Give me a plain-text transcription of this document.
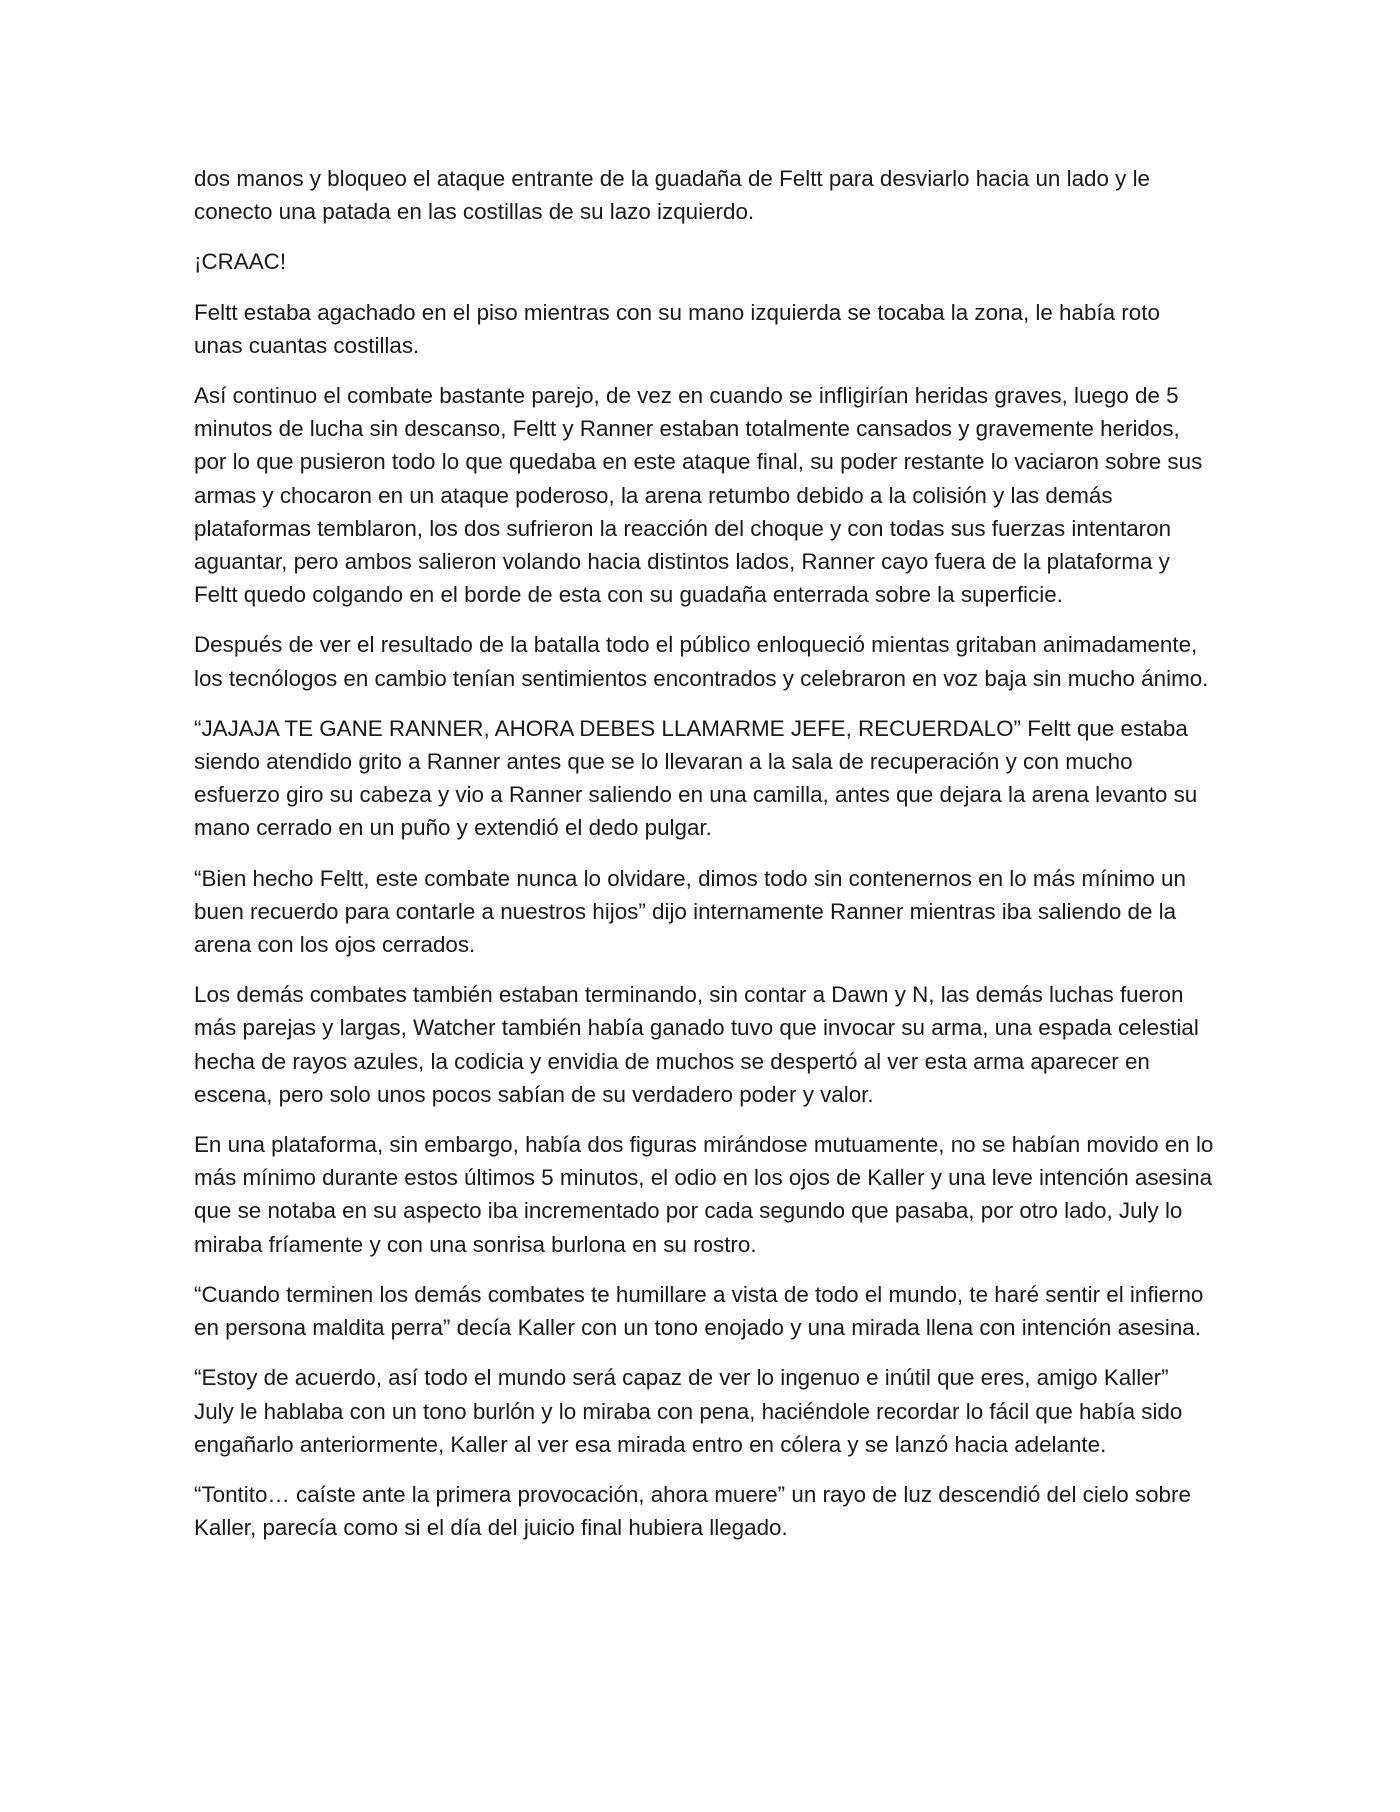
dos manos y bloqueo el ataque entrante de la guadaña de Feltt para desviarlo hacia un lado y le conecto una patada en las costillas de su lazo izquierdo.

¡CRAAC!

Feltt estaba agachado en el piso mientras con su mano izquierda se tocaba la zona, le había roto unas cuantas costillas.

Así continuo el combate bastante parejo, de vez en cuando se infligirían heridas graves, luego de 5 minutos de lucha sin descanso, Feltt y Ranner estaban totalmente cansados y gravemente heridos, por lo que pusieron todo lo que quedaba en este ataque final, su poder restante lo vaciaron sobre sus armas y chocaron en un ataque poderoso, la arena retumbo debido a la colisión y las demás plataformas temblaron, los dos sufrieron la reacción del choque y con todas sus fuerzas intentaron aguantar, pero ambos salieron volando hacia distintos lados, Ranner cayo fuera de la plataforma y Feltt quedo colgando en el borde de esta con su guadaña enterrada sobre la superficie.

Después de ver el resultado de la batalla todo el público enloqueció mientas gritaban animadamente, los tecnólogos en cambio tenían sentimientos encontrados y celebraron en voz baja sin mucho ánimo.

“JAJAJA TE GANE RANNER, AHORA DEBES LLAMARME JEFE, RECUERDALO” Feltt que estaba siendo atendido grito a Ranner antes que se lo llevaran a la sala de recuperación y con mucho esfuerzo giro su cabeza y vio a Ranner saliendo en una camilla, antes que dejara la arena levanto su mano cerrado en un puño y extendió el dedo pulgar.

“Bien hecho Feltt, este combate nunca lo olvidare, dimos todo sin contenernos en lo más mínimo un buen recuerdo para contarle a nuestros hijos” dijo internamente Ranner mientras iba saliendo de la arena con los ojos cerrados.

Los demás combates también estaban terminando, sin contar a Dawn y N, las demás luchas fueron más parejas y largas, Watcher también había ganado tuvo que invocar su arma, una espada celestial hecha de rayos azules, la codicia y envidia de muchos se despertó al ver esta arma aparecer en escena, pero solo unos pocos sabían de su verdadero poder y valor.

En una plataforma, sin embargo, había dos figuras mirándose mutuamente, no se habían movido en lo más mínimo durante estos últimos 5 minutos, el odio en los ojos de Kaller y una leve intención asesina que se notaba en su aspecto iba incrementado por cada segundo que pasaba, por otro lado, July lo miraba fríamente y con una sonrisa burlona en su rostro.

“Cuando terminen los demás combates te humillare a vista de todo el mundo, te haré sentir el infierno en persona maldita perra” decía Kaller con un tono enojado y una mirada llena con intención asesina.

“Estoy de acuerdo, así todo el mundo será capaz de ver lo ingenuo e inútil que eres, amigo Kaller” July le hablaba con un tono burlón y lo miraba con pena, haciéndole recordar lo fácil que había sido engañarlo anteriormente, Kaller al ver esa mirada entro en cólera y se lanzó hacia adelante.

“Tontito… caíste ante la primera provocación, ahora muere” un rayo de luz descendió del cielo sobre Kaller, parecía como si el día del juicio final hubiera llegado.
